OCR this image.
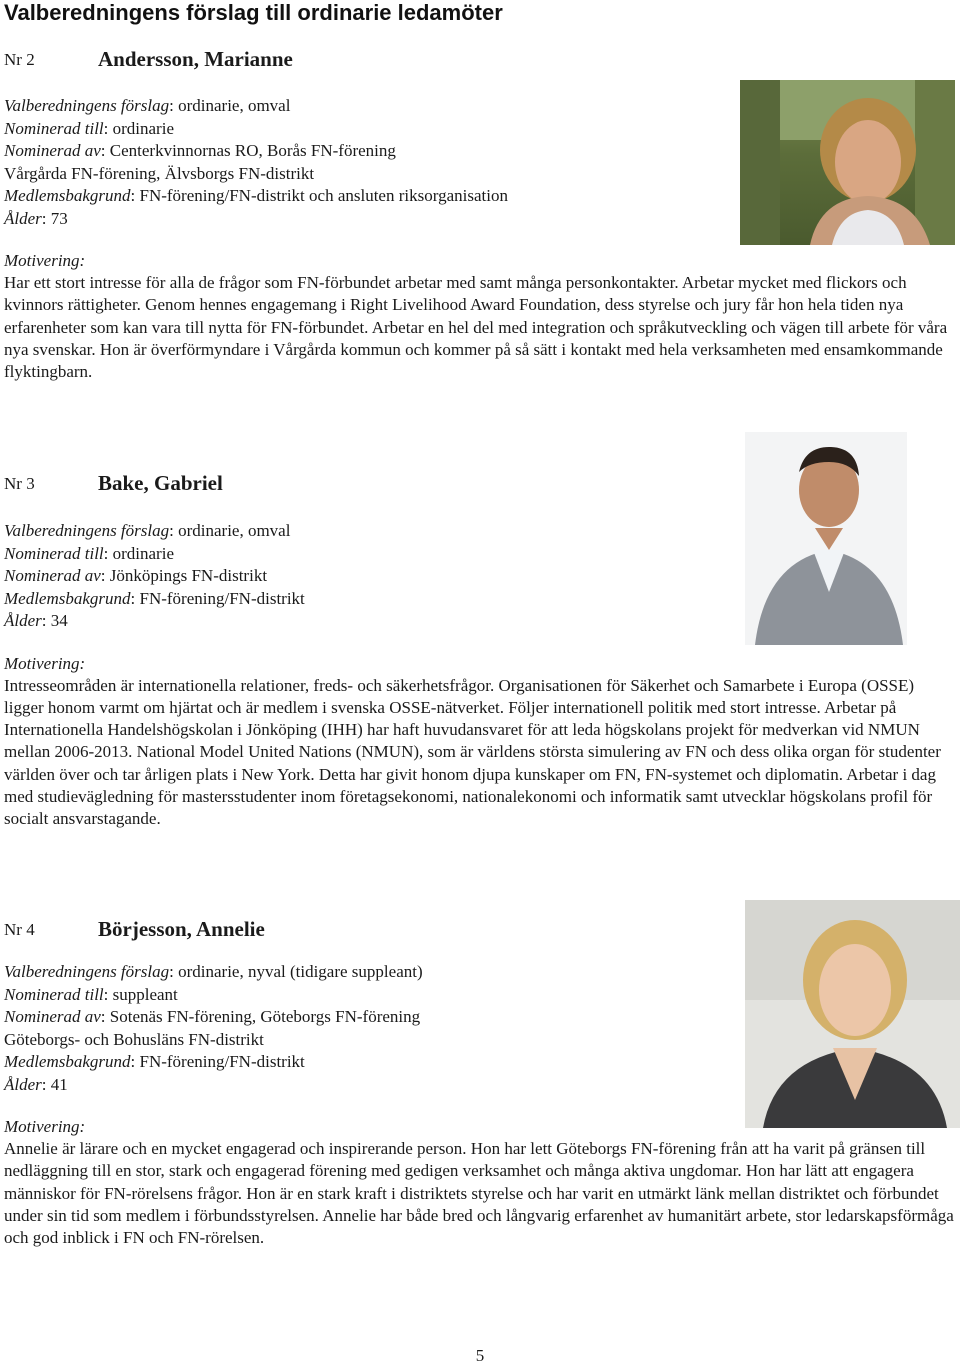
Valberedningens förslag till ordinarie ledamöter
Nr 2	Andersson, Marianne
Valberedningens förslag: ordinarie, omval
Nominerad till: ordinarie
Nominerad av: Centerkvinnornas RO, Borås FN-förening
Vårgårda FN-förening, Älvsborgs FN-distrikt
Medlemsbakgrund: FN-förening/FN-distrikt och ansluten riksorganisation
Ålder: 73
Motivering:

Har ett stort intresse för alla de frågor som FN-förbundet arbetar med samt många personkontakter. Arbetar mycket med flickors och kvinnors rättigheter. Genom hennes engagemang i Right Livelihood Award Foundation, dess styrelse och jury får hon hela tiden nya erfarenheter som kan vara till nytta för FN-förbundet. Arbetar en hel del med integration och språkutveckling och vägen till arbete för våra nya svenskar. Hon är överförmyndare i Vårgårda kommun och kommer på så sätt i kontakt med hela verksamheten med ensamkommande flyktingbarn.

Nr 3	Bake, Gabriel
Valberedningens förslag: ordinarie, omval
Nominerad till: ordinarie
Nominerad av: Jönköpings FN-distrikt
Medlemsbakgrund: FN-förening/FN-distrikt
Ålder: 34
Motivering:

Intresseområden är internationella relationer, freds- och säkerhetsfrågor. Organisationen för Säkerhet och Samarbete i Europa (OSSE) ligger honom varmt om hjärtat och är medlem i svenska OSSE-nätverket. Följer internationell politik med stort intresse. Arbetar på Internationella Handelshögskolan i Jönköping (IHH) har haft huvudansvaret för att leda högskolans projekt för medverkan vid NMUN mellan 2006-2013. National Model United Nations (NMUN), som är världens största simulering av FN och dess olika organ för studenter världen över och tar årligen plats i New York. Detta har givit honom djupa kunskaper om FN, FN-systemet och diplomatin. Arbetar i dag med studievägledning för mastersstudenter inom företagsekonomi, nationalekonomi och informatik samt utvecklar högskolans profil för socialt ansvarstagande.

Nr 4	Börjesson, Annelie
Valberedningens förslag: ordinarie, nyval (tidigare suppleant)
Nominerad till: suppleant
Nominerad av: Sotenäs FN-förening, Göteborgs FN-förening
Göteborgs- och Bohusläns FN-distrikt
Medlemsbakgrund: FN-förening/FN-distrikt
Ålder: 41
Motivering:

Annelie är lärare och en mycket engagerad och inspirerande person. Hon har lett Göteborgs FN-förening från att ha varit på gränsen till nedläggning till en stor, stark och engagerad förening med gedigen verksamhet och många aktiva ungdomar. Hon har lätt att engagera människor för FN-rörelsens frågor. Hon är en stark kraft i distriktets styrelse och har varit en utmärkt länk mellan distriktet och förbundet under sin tid som medlem i förbundsstyrelsen. Annelie har både bred och långvarig erfarenhet av humanitärt arbete, stor ledarskapsförmåga och god inblick i FN och FN-rörelsen.

5
